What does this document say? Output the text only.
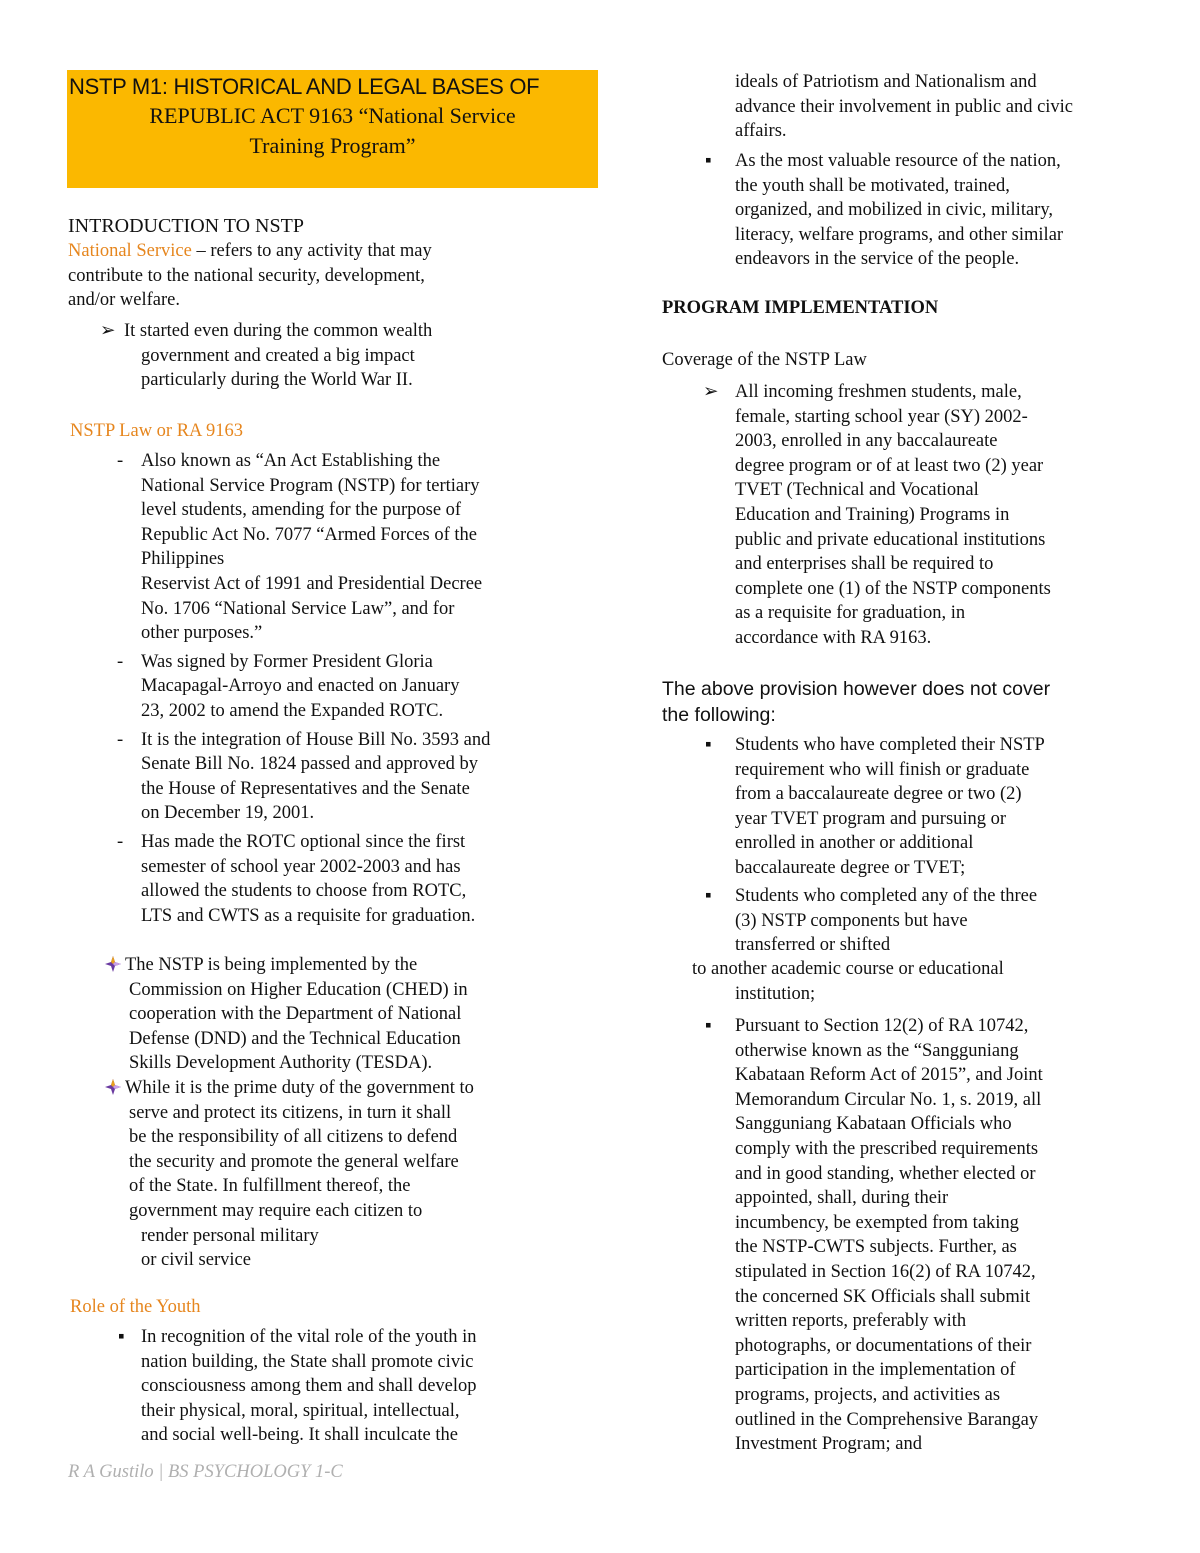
NSTP M1: HISTORICAL AND LEGAL BASES OF
REPUBLIC ACT 9163 “National Service
Training Program”
INTRODUCTION TO NSTP
National Service – refers to any activity that may
contribute to the national security, development,
and/or welfare.
➢ It started even during the common wealth
government and created a big impact
particularly during the World War II.
NSTP Law or RA 9163
- Also known as “An Act Establishing the
National Service Program (NSTP) for tertiary
level students, amending for the purpose of
Republic Act No. 7077 “Armed Forces of the
Philippines
Reservist Act of 1991 and Presidential Decree
No. 1706 “National Service Law”, and for
other purposes.”
- Was signed by Former President Gloria
Macapagal-Arroyo and enacted on January
23, 2002 to amend the Expanded ROTC.
- It is the integration of House Bill No. 3593 and
Senate Bill No. 1824 passed and approved by
the House of Representatives and the Senate
on December 19, 2001.
- Has made the ROTC optional since the first
semester of school year 2002-2003 and has
allowed the students to choose from ROTC,
LTS and CWTS as a requisite for graduation.
The NSTP is being implemented by the
Commission on Higher Education (CHED) in
cooperation with the Department of National
Defense (DND) and the Technical Education
Skills Development Authority (TESDA).
While it is the prime duty of the government to
serve and protect its citizens, in turn it shall
be the responsibility of all citizens to defend
the security and promote the general welfare
of the State. In fulfillment thereof, the
government may require each citizen to
render personal military
or civil service
Role of the Youth
▪ In recognition of the vital role of the youth in
nation building, the State shall promote civic
consciousness among them and shall develop
their physical, moral, spiritual, intellectual,
and social well-being. It shall inculcate the
ideals of Patriotism and Nationalism and
advance their involvement in public and civic
affairs.
▪ As the most valuable resource of the nation,
the youth shall be motivated, trained,
organized, and mobilized in civic, military,
literacy, welfare programs, and other similar
endeavors in the service of the people.
PROGRAM IMPLEMENTATION
Coverage of the NSTP Law
➢ All incoming freshmen students, male,
female, starting school year (SY) 2002-
2003, enrolled in any baccalaureate
degree program or of at least two (2) year
TVET (Technical and Vocational
Education and Training) Programs in
public and private educational institutions
and enterprises shall be required to
complete one (1) of the NSTP components
as a requisite for graduation, in
accordance with RA 9163.
The above provision however does not cover
the following:
▪ Students who have completed their NSTP
requirement who will finish or graduate
from a baccalaureate degree or two (2)
year TVET program and pursuing or
enrolled in another or additional
baccalaureate degree or TVET;
▪ Students who completed any of the three
(3) NSTP components but have
transferred or shifted
to another academic course or educational
institution;
▪ Pursuant to Section 12(2) of RA 10742,
otherwise known as the “Sangguniang
Kabataan Reform Act of 2015”, and Joint
Memorandum Circular No. 1, s. 2019, all
Sangguniang Kabataan Officials who
comply with the prescribed requirements
and in good standing, whether elected or
appointed, shall, during their
incumbency, be exempted from taking
the NSTP-CWTS subjects. Further, as
stipulated in Section 16(2) of RA 10742,
the concerned SK Officials shall submit
written reports, preferably with
photographs, or documentations of their
participation in the implementation of
programs, projects, and activities as
outlined in the Comprehensive Barangay
Investment Program; and
R A Gustilo | BS PSYCHOLOGY 1-C
